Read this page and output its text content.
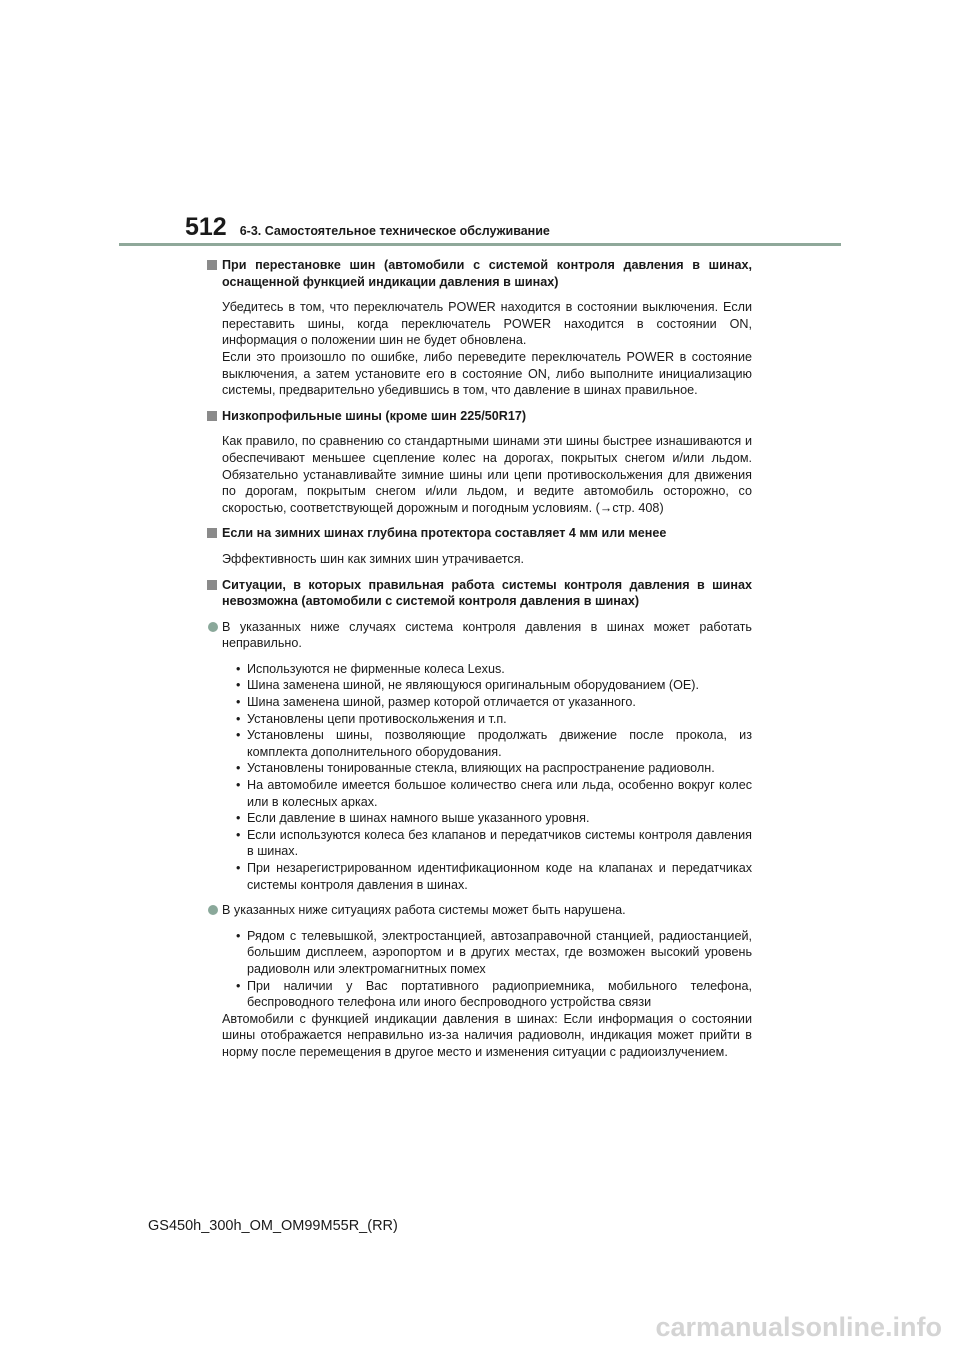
512 6-3. Самостоятельное техническое обслуживание
При перестановке шин (автомобили с системой контроля давления в шинах, оснащенной функцией индикации давления в шинах)

Убедитесь в том, что переключатель POWER находится в состоянии выключения. Если переставить шины, когда переключатель POWER находится в состоянии ON, информация о положении шин не будет обновлена.

Если это произошло по ошибке, либо переведите переключатель POWER в состояние выключения, а затем установите его в состояние ON, либо выполните инициализацию системы, предварительно убедившись в том, что давление в шинах правильное.

Низкопрофильные шины (кроме шин 225/50R17)

Как правило, по сравнению со стандартными шинами эти шины быстрее изнашиваются и обеспечивают меньшее сцепление колес на дорогах, покрытых снегом и/или льдом. Обязательно устанавливайте зимние шины или цепи противоскольжения для движения по дорогам, покрытым снегом и/или льдом, и ведите автомобиль осторожно, со скоростью, соответствующей дорожным и погодным условиям. (→стр. 408)

Если на зимних шинах глубина протектора составляет 4 мм или менее

Эффективность шин как зимних шин утрачивается.

Ситуации, в которых правильная работа системы контроля давления в шинах невозможна (автомобили с системой контроля давления в шинах)
В указанных ниже случаях система контроля давления в шинах может работать неправильно.
• Используются не фирменные колеса Lexus.
• Шина заменена шиной, не являющуюся оригинальным оборудованием (OE).
• Шина заменена шиной, размер которой отличается от указанного.
• Установлены цепи противоскольжения и т.п.
• Установлены шины, позволяющие продолжать движение после прокола, из комплекта дополнительного оборудования.
• Установлены тонированные стекла, влияющих на распространение радиоволн.
• На автомобиле имеется большое количество снега или льда, особенно вокруг колес или в колесных арках.
• Если давление в шинах намного выше указанного уровня.
• Если используются колеса без клапанов и передатчиков системы контроля давления в шинах.
• При незарегистрированном идентификационном коде на клапанах и передатчиках системы контроля давления в шинах.
В указанных ниже ситуациях работа системы может быть нарушена.
• Рядом с телевышкой, электростанцией, автозаправочной станцией, радиостанцией, большим дисплеем, аэропортом и в других местах, где возможен высокий уровень радиоволн или электромагнитных помех
• При наличии у Вас портативного радиоприемника, мобильного телефона, беспроводного телефона или иного беспроводного устройства связи
Автомобили с функцией индикации давления в шинах: Если информация о состоянии шины отображается неправильно из-за наличия радиоволн, индикация может прийти в норму после перемещения в другое место и изменения ситуации с радиоизлучением.
GS450h_300h_OM_OM99M55R_(RR)
carmanualsonline.info
